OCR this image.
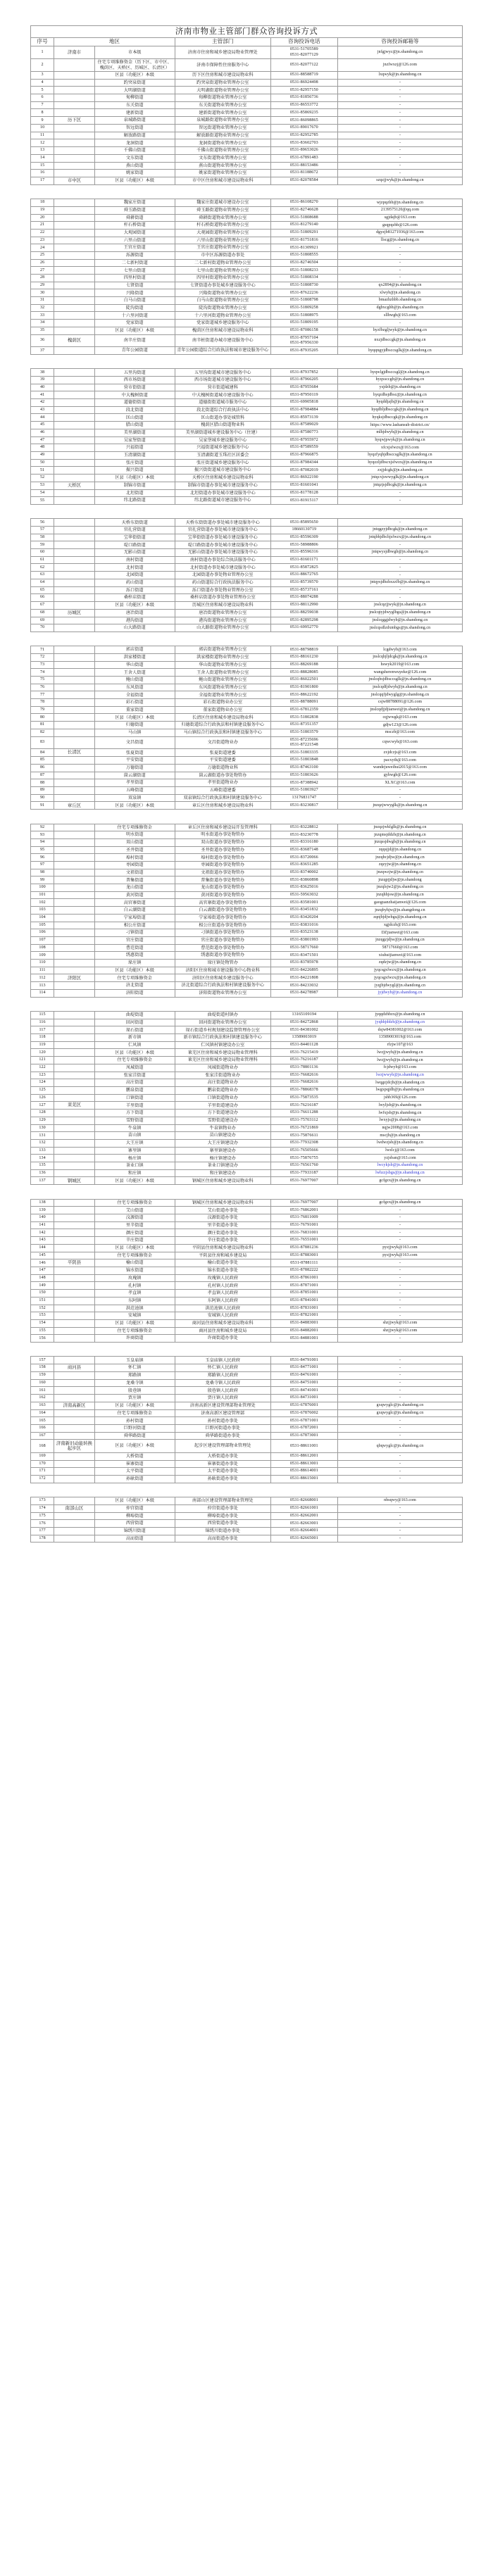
济南市物业主管部门群众咨询投诉方式					
序号	地区		主管部门	咨询投诉电话	咨询投诉邮箱等
1	济南市	市本级	济南市住房和城乡建设局物业管理处	0531-51705589
0531-82077129	jnfgjwyc@jn.shandong.cn
2		住宅专项维修资金（历下区、市中区、槐荫区、天桥区、历城区、长清区）	济南市保障性住房服务中心	0531-82077122	jnzfwxzj@126.com
3		区县（功能区）本级	历下区住房和城市建设局物业科	0531-88588719	lxqwyk@jn.shandong.cn
4		趵突泉街道	趵突泉街道物业管理办公室	0531-86924498	-
5		大明湖街道	大明湖街道物业管理办公室	0531-82957150	-
6		甸柳街道	甸柳街道物业管理办公室	0531-81856736	-
7		东关街道	东关街道物业管理办公室	0531-86553772	-
8		建新街道	建新街道物业管理办公室	0531-85869235	-
9	历下区	泉城路街道	泉城路街道物业管理办公室	0531-86098865	-
10		智远街道	智远街道物业管理办公室	0531-89017670	-
11		解放路街道	解放路街道物业管理办公室	0531-82952785	-
12		龙洞街道	龙洞街道物业管理办公室	0531-83602703	-
13		千佛山街道	千佛山街道物业管理办公室	0531-89653026	-
14		文东街道	文东街道物业管理办公室	0531-67891483	-
15		燕山街道	燕山街道物业管理办公室	0531-88153486	-
16		姚家街道	姚家街道物业管理办公室	0531-81188672	-
17	市中区	区县（功能区）本级	市中区住房和城市建设局物业科	0531-82078584	szqzjjwyk@jn.shandong.cn

18		魏家庄街道	魏家庄街道城市建设办公室	0531-86108270	wjzpqzhb@jn.shandong.cn
19		舜玉路街道	舜玉路街道物业管理办公室	0531-82746628	2139575120@qq.com
20		舜耕街道	舜耕街道物业管理办公室	0531-51808688	sgjdajb@163.com
21		杆石桥街道	杆石桥街道物业管理办公室	0531-81279140	gsqpqzhb@126.com
22		大观园街道	大观园街道物业管理办公室	0531-51809291	dgyzjb81271936@163.com
23		六里山街道	六里山街道物业管理办公室	0531-81751816	llscg@jn.shandong.cn
24		王官庄街道	王官庄街道物业管理办公室	0531-81309921	-
25		泺源街道	市中区泺源街道办事处	0531-51808555	-
26		二七新村街道	二七新村街道物业管理办公室	0531-82746504	-
27		七里山街道	七里山街道物业管理办公室	0531-51808233	-
28		四里村街道	四里村街道物业管理办公室	0531-51808334	-
29		七贤街道	七贤街道办事处城乡建设服务中心	0531-51808730	qx2894@jn.shandong.cn
30		兴隆街道	兴隆街道物业管理办公室	0531-87622236	xlwyb@jn.shandong.cn
31		白马山街道	白马山街道物业管理办公室	0531-51808798	bmazhzhbb.shandong.cn
32		陡沟街道	陡沟街道物业管理办公室	0531-51809258	dgbxcghb@jn.shandong.cn
33		十六里河街道	十六里河街道物业管理办公室	0531-51808975	sllhwgb@163.com
34		党家街道	党家街道城乡建设服务中心	0531-51809195	-
35		区县（功能区）本级	槐荫区住房和城市建设局物业科	0531-87086158	hyzfbzgljwyk@jn.shandong.cn
36	槐荫区	南辛庄街道	南辛桩街道办城市建设服务中心	0531-87957104
0531-87956330	nxzjdbsccgk@jn.shandong.cn
37		青年公园街道	青年公园街道综合行政执法和城市建设服务中心	0531-87935205	hyqqngyjdbsccsglk@jn.shandong.cn

38		五里沟街道	五里沟街道城市建设服务中心	0531-87937852	hyqwlgjdbsccsgl@jn.shandong.cn
39		西市场街道	西市场街道城市建设服务中心	0531-87966205	hyqxsccgb@jn.shandong.cn
40		营市街街道	营市街道城建科	0531-87955684	ysjdzb@jn.shandong.cn
41		中大槐树街道	中大槐树街道城市建设服务中心	0531-87950119	hyqzdhsjdbsc@jn.shandong.cn
42		道德街街道	道德街街道城市服务中心	0531-69905818	hyqddjajb@jn.shandong.cn
43		段北街道	段北街道综合行政执法中心	0531-87984884	hyqdbljdbsccgk@jn.shandong.cn
44		匡山街道	匡山街道办事处城管科	0531-85973139	hyqksjdbsccgk@jn.shandong.cn
45		腊山街道	槐荫区腊山街道物业科	0531-87589029	https://www.lashansub-district.cn/
46		美里湖街道	美里湖街道城乡建设服务中心（住建）	0531-87580773	mlhjdwyb@jn.shandong.cn
47		吴家堡街道	吴家堡城乡建设服务中心	0531-87955972	hyqwjpwyk@jn.shandong.cn
48		兴福街道	兴福街道城乡建设服务中心	0531-87589559	xfcxjsfwzx@163.com
49		玉清湖街道	玉清湖街道玉珠社区居委会	0531-87966875	hyqzfyqhjdbsccsglk@jn.shandong.cn
50		张庄街道	张庄街道城乡建设服务中心	0531-87984344	hyqzzljdbscxjsfwzx@jn.shandong.cn
51		振兴街道	振兴街街道城市建设服务中心	0531-87082019	zxjjdcgk@jn.shandong.cn
52		区县（功能区）本级	天桥区住房和城乡建设局物业科	0531-86922190	jntqcxjswwyglk@jn.shandong.cn
53	天桥区	制锦市街道	制锦市街道办事处城市建设服务中心	0531-81601041	jntqzjsjdbcgk@jn.shandong.cn
54		北坦街道	北坦街道办事处城市建设服务中心	0531-81778128	-
55		纬北路街道	纬北路街道城市建设服务中心	0531-81915117	-

56		天桥东街街道	天桥东街街道办事处城市建设服务中心	0531-85895650	-
57		官扎营街道	官扎营街道办事处城市建设服务中心	18660130719	jntqgzyjdbcgk@jn.shandong.cn
58		宝华街街道	宝华街街道办事处城市建设服务中心	0531-85596309	jntqbhjdbchjsfwzx@jn.shandong.cn
59		堤口路街道	堤口路街道办事处城市建设服务中心	0531-58988806	-
60		无影山街道	无影山街道办事处城市建设服务中心	0531-85596316	jntqwysjdbwgb@jn.shandong.cn
61		南村街道	南村街道办事处综合执法服务中心	0531-81601171	-
62		北村街道	北村街道办事处城市建设服务中心	0531-85872825	-
63		北园街道	北园街道办事处物业管理办公室	0531-88672765	-
64		药山街道	药山街道综合行政执法服务中心	0531-85739570	jntqysjdbzhxzzfb@jn.shandong.cn
65		泺口街道	泺口街道办事处物业管理办公室	0531-85737161	-
66		桑梓店街道	桑梓店街道办事处物业管理办公室	0531-88074288	-
67		区县（功能区）本级	历城区住房和城市建设局物业科	0531-88112990	jnslcqzjjwyk@jn.shandong.cn
68	历城区	唐冶街道	唐冶街道物业管理办公室	0531-88259038	jnslcqtyjdwyglbgs@jn.shandong.cn
69		港沟街道	港沟街道物业管理办公室	0531-82895298	jnslcqggjdwyb@jn.shandong.cn
70		山大路街道	山大路街道物业管理办公室	0531-69952770	jnslcqsdlzdxmbgs@jn.shandong.cn

71		郭店街道	郭店街道物业管理办公室	0531-88798819	lcgdwyb@163.com
72		洪家楼街道	洪家楼街道物业管理办公室	0531-88161230	jnslcqhjljdcgk@jn.shandong.cn
73		华山街道	华山街道物业管理办公室	0531-88269188	hswyk2019@163.com
74		王舍人街道	王舍人街道物业管理办公室	0531-88828085	wangsherenwuyeke@126.com
75		鲍山街道	鲍山街道物业管理办公室	0531-86022501	jnslcqbsjdbsccsglk@jn.shandong.cn
76		东风街道	东风街道物业管理办公室	0531-81901800	jnslcqdfjdwyb@jn.shandong.cn
77		全福街道	全福街道物业管理办公室	0531-88622192	jnslcqqfjdwyglg@jn.shandong.cn
78		彩石街道	彩石街道物业办公室	0531-88788091	csjw88788091@126.com
79		董家街道	董家街道物业办公室	0531-67812359	jnslcqdjjdjianwei@jn.shandong.cn
80		区县（功能区）本级	长清区住房和城乡建设局物业科	0531-51802838	cqjwwgk@163.com
81		归德街道	归德街道综合行政执法和村镇建设服务中心	0531-87351357	gdjw123@126.com
82		马山镇	马山镇综合行政执法和村镇建设服务中心	0531-51803579	msczb@163.com
83		文昌街道	文昌街道物业办	0531-87235696
0531-87221548	cqwcwyb@163.com
84	长清区	张夏街道	张夏街道建委	0531-51803335	zxjdczjs@163.com
85		平安街道	平安街道建委	0531-51803848	pacxyth@163.com
86		万德街道	万德街道物业科	0531-87463100	wandejuweihui2015@163.com
87		崮云湖街道	崮云湖街道办事处物管办	0531-51803626	gyhwgb@126.com
88		孝里街道	孝里街道物业办	0531-87388942	XLXC@163.com
89		五峰街道	五峰街道建委	0531-51803927	-
90		双泉镇	双泉镇综合行政执法和村镇建设服务中心	13176831747	-
91	章丘区	区县（功能区）本级	章丘区住房和城乡建设局物业科	0531-83230817	jnzqzjwwyglk@jn.shandong.cn

92		住宅专项维修资金	章丘区住房和城乡建设局开发管理科	0531-83228812	jnzqzjwkfglk@jn.shandong.cn
93		明水街道	明水街道办事处物管办	0531-83230778	jnzqmsjddzb@jn.shandong.cn
94		双山街道	双山街道办事处物管办	0531-83316180	jnzqssjdwgb@jn.shandong.cn
95		圣井街道	圣井街道办事处物管办	0531-83687148	zqqsjjd@jn.shandong.cn
96		埠村街道	埠村街道办事处物管办	0531-83720066	jnzqbcjdjw@jn.shandong.cn
97		枣园街道	枣园街道办事处物管办	0531-83651285	zqzyjw@jn.shandong.cn
98		文祖街道	文祖街道办事处物管办	0531-83740002	jnzqwzjw@jn.shandong.cn
99		普集街道	普集街道办事处物管办	0531-83860898	jnzqpjjdjw@jn.shandong
100		龙山街道	龙山街道办事处物管办	0531-83625016	jnzqlsjw2@jn.shandong.cn
101		黄河街道	黄河街道办事处物管办	0531-59563032	jnzqhhjsw@jn.shandong.cn
102		高官寨街道	高官寨街道办事处物管办	0531-83581001	gaoguanzhaijanwei@126.com
103		白云湖街道	白云湖街道办事处物管办	0531-83451832	jnzqbyhjw@jn.shangdong.cn
104		宁家埠街道	宁家埠街道办事处物管办	0531-83420204	zqnjbjdjwbgs@jn.shandong.cn
105		相公庄街道	相公庄街道办事处物管办	0531-83831016	xgjdczb@163.com
106		刁镇街道	刁镇街道办事处物管办	0531-83523138	DZjianwei@163.com
107		官庄街道	官庄街道办事处物管办	0531-83801993	jnzqgzjdjw@jn.shandong.cn
108		曹范街道	曹范街道办事处物管办	0531-58717660	58717660@163.com
109		绣惠街道	绣惠街道办事处物管办	0531-83471501	xiuhuijianwei@163.com
110		垛庄镇	垛庄镇处物管办	0531-83785978	zqdzjw@jn.shandong.cn
111		区县（功能区）本级	济阳区住房和城市建设服务中心物业科	0531-84226895	jyqcsgxfwzx@jn.shandong.cn
112	济阳区	住宅专项维修资金	济阳区住房和城乡建设服务中心	0531-84221808	jyqcsgxfwzx@jn.shandong.cn
113		济北街道	济北街道综合行政执法和村镇建设服务中心	0531-84233032	jyqjbjdwygl@jn.shandong.cn
114		济阳街道	济阳街道物业管理办公室	0531-84278987	jyjdwyb@jn.shandong.cn

115		曲堤街道	曲堤街道村镇办	13165109194	jyqqdzhbzx@jn.shandong.cn
116		回河街道	回河街道物业管理办公室	0531-84272868	jyqhhjddzb@jn.shandong.cn
117		垛石街道	垛石街道乡村规划建设监督管理办公室	0531-84381002	dsjw84381002@163.com
118		新市镇	新市镇综合行政执法和村镇建设服务中心	13589003019	13589003019@163.com
119		仁风镇	仁风镇村镇建设办公室	0531-84401128	rfzjw107@163
120		区县（功能区）本级	莱芜区住房和城乡建设局物业管理科	0531-76215419	lwzjjwyb@jn.shandong.cn
121		住宅专项维修资金	莱芜区住房和城乡建设局物业管理科	0531-76216187	lwzjjwyb@jn.shandong.cn
122		凤城街道	凤城街道物业办	0531-78801136	fcjdwyb@163.com
123		张家洼街道	张家洼街道物业办	0531-76682616	lwzjwwyb@jn.shandong.cn
124		高庄街道	高庄街道物业办	0531-76682616	lwqgzjdcjb@jn.shandong.cn
125		鹏泉街道	鹏泉街道物业办	0531-78868378	lwgxpqjdb@jn.shandong.cn
126		口镇街道	口镇街道物业办	0531-75873535	jshb369@126.com
127	莱芜区	羊里街道	羊里街道建设办	0531-76216187	lwyljsb@jn.shandong.cn
128		方下街道	方下街道建设办	0531-76611288	lwfxjsb@jn.shandong.cn
129		雪野街道	雪野街道建设办	0531-75703112	lwxyjs@jn.shandong.cn
130		牛泉镇	牛泉镇物业办	0531-76721869	nqjw2008@163.com
131		苗山镇	苗山镇建设办	0531-75876611	mscjb@jn.shandong.cn
132		大王庄镇	大王庄镇建设办	0531-77932308	lwdwzjsb@jn.shandong.cn
133		寨里镇	寨里镇建设办	0531-76505666	lwzlcj@163.com
134		杨庄镇	杨庄镇建设办	0531-75876755	yzjsban@163.com
135		茶业口镇	茶业口镇建设办	0531-76561760	lwcykjsb@jn.shandong.cn
136		和庄镇	和庄镇建设办	0531-77933187	lwhzzjsbgs@jn.shandong.cn
137	钢城区	区县（功能区）本级	钢城区住房和城乡建设局物业科	0531-76977007	gcfgzx@jn.shandong.cn

138		住宅专项维修资金	钢城区住房和城乡建设局物业科	0531-76977007	gcfgzx@jn.shandong.cn
139		艾山街道	艾山街道办事处	0531-76862001	-
140		汶源街道	汶源街道办事处	0531-76811009	-
141		里辛街道	里辛街道办事处	0531-76791001	-
142		颜庄街道	颜庄街道办事处	0531-76831001	-
143		辛庄街道	辛庄街道办事处	0531-76551001	-
144		区县（功能区）本级	平阴县住房和城乡建设局物业科	0531-87881236	pyzjjwyk@163.com
145		住宅专项维修资金	平阴县住房和城乡建设局	0531-87883001	pyzjjwyk@163.com
146	平阴县	榆山街道	榆山街道办事处	0531-87881111	-
147		锦水街道	锦水街道办事处	0531-87882222	-
148		玫瑰镇	玫瑰镇人民政府	0531-87861001	-
149		孔村镇	孔村镇人民政府	0531-87871001	-
150		孝直镇	孝直镇人民政府	0531-87851001	-
151		东阿镇	东阿镇人民政府	0531-87841001	-
152		洪范池镇	洪范池镇人民政府	0531-87831001	-
153		安城镇	安城镇人民政府	0531-87821001	-
154		区县（功能区）本级	商河县住房和城乡建设局物业科	0531-84883001	shzjjwyk@163.com
155		住宅专项维修资金	商河县住房和城乡建设局	0531-84882001	shzjjwyk@163.com
156		许商街道	许商街道办事处	0531-84881001	-

157		玉皇庙镇	玉皇庙镇人民政府	0531-84791001	-
158	商河县	怀仁镇	怀仁镇人民政府	0531-84771001	-
159		郑路镇	郑路镇人民政府	0531-84761001	-
160		龙桑寺镇	龙桑寺镇人民政府	0531-84751001	-
161		殷巷镇	殷巷镇人民政府	0531-84741001	-
162		贾庄镇	贾庄镇人民政府	0531-84731001	-
163	济南高新区	区县（功能区）本级	济南高新区建设管理部物业管理处	0531-67876001	gxqwyglc@jn.shandong.cn
164		住宅专项维修资金	济南高新区建设管理部	0531-67876002	gxqwyglc@jn.shandong.cn
165		孙村街道	孙村街道办事处	0531-67871001	-
166		巨野河街道	巨野河街道办事处	0531-67872001	-
167		舜华路街道	舜华路街道办事处	0531-67873001	-
168	济南新旧动能转换起步区	区县（功能区）本级	起步区建设管理部物业管理处	0531-88611001	qbqwyglc@jn.shandong.cn
169		大桥街道	大桥街道办事处	0531-88612001	-
170		崔寨街道	崔寨街道办事处	0531-88613001	-
171		太平街道	太平街道办事处	0531-88614001	-
172		孙耿街道	孙耿街道办事处	0531-88615001	-

173		区县（功能区）本级	南部山区建设管理部物业管理处	0531-82668001	nbsqwy@163.com
174	南部山区	仲宫街道	仲宫街道办事处	0531-82661001	-
175		柳埠街道	柳埠街道办事处	0531-82662001	-
176		西营街道	西营街道办事处	0531-82663001	-
177		锦绣川街道	锦绣川街道办事处	0531-82664001	-
178		高而街道	高而街道办事处	0531-82665001	-
